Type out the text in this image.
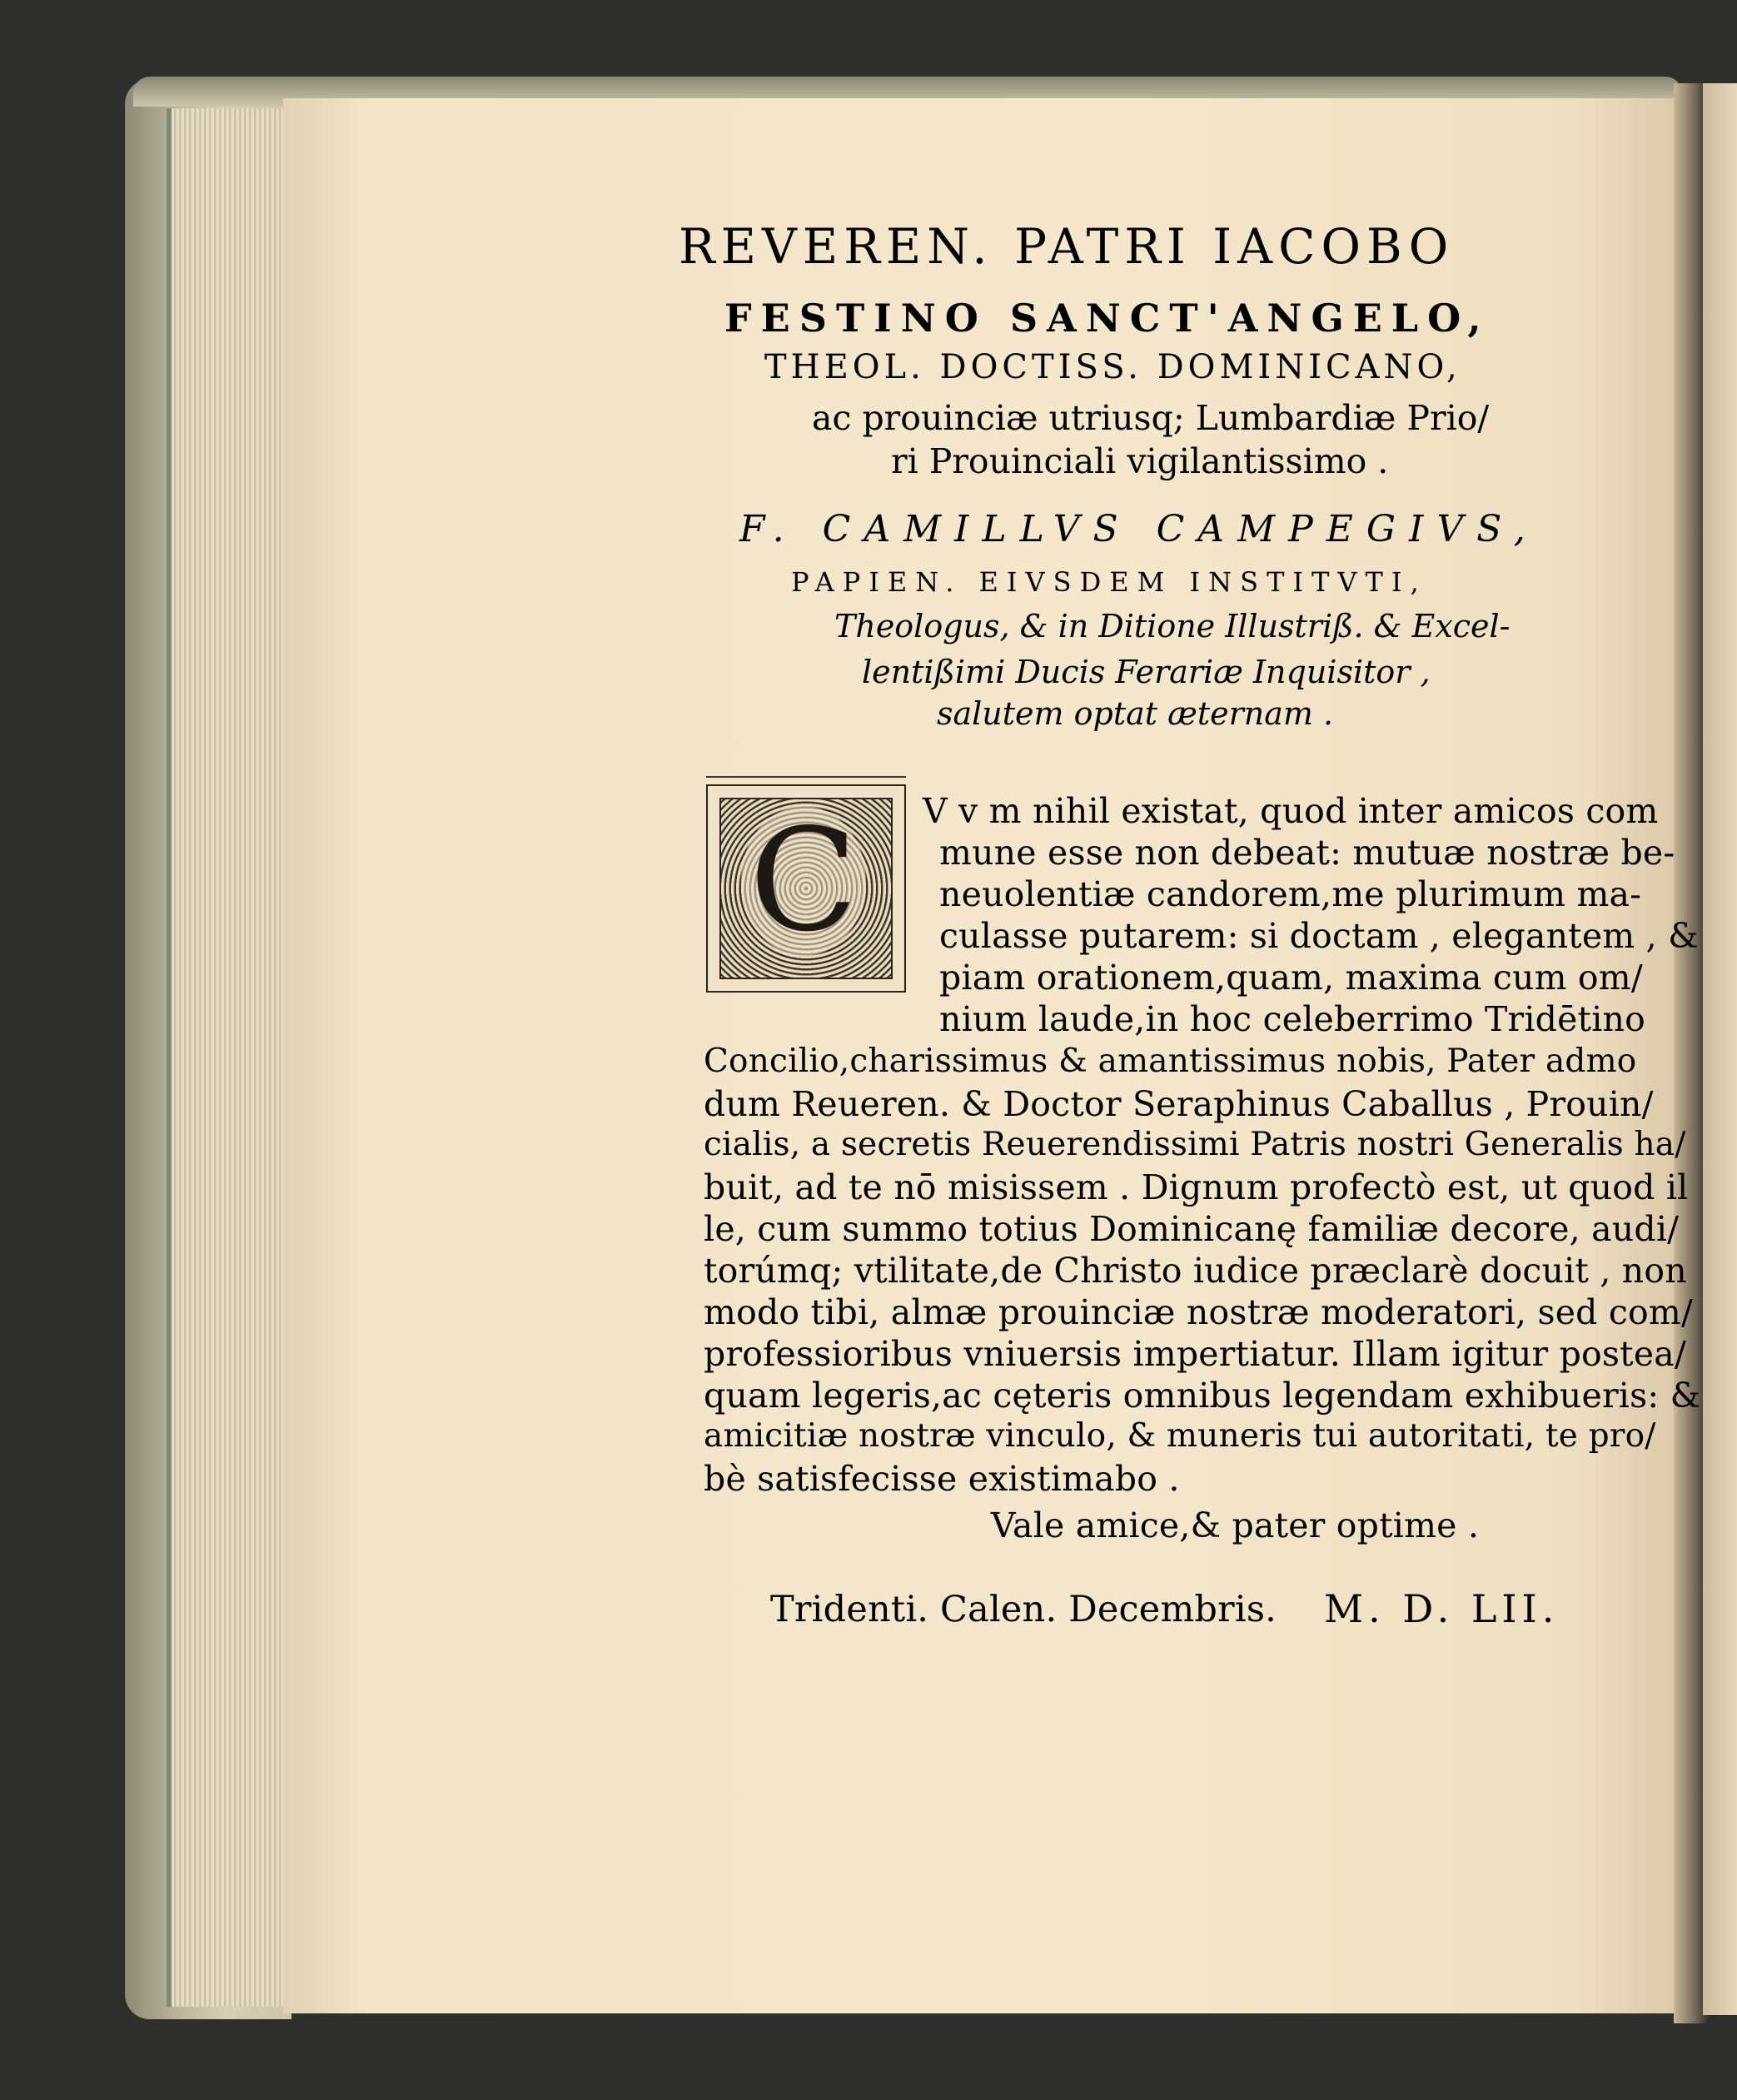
REVEREN. PATRI IACOBO
FESTINO SANCT'ANGELO,
THEOL. DOCTISS. DOMINICANO,
ac prouinciæ utriusq; Lumbardiæ Prio/
ri Prouinciali vigilantissimo .
F. CAMILLVS CAMPEGIVS,
PAPIEN. EIVSDEM INSTITVTI,
Theologus, & in Ditione Illustriß. & Excel-
lentißimi Ducis Ferariæ Inquisitor ,
salutem optat æternam .
C V v m nihil existat, quod inter amicos com
mune esse non debeat: mutuæ nostræ be-
neuolentiæ candorem,me plurimum ma-
culasse putarem: si doctam , elegantem , &
piam orationem,quam, maxima cum om/
nium laude,in hoc celeberrimo Tridētino
Concilio,charissimus & amantissimus nobis, Pater admo
dum Reueren. & Doctor Seraphinus Caballus , Prouin/
cialis, a secretis Reuerendissimi Patris nostri Generalis ha/
buit, ad te nō misissem . Dignum profectò est, ut quod il
le, cum summo totius Dominicanę familiæ decore, audi/
torúmq; vtilitate,de Christo iudice præclarè docuit , non
modo tibi, almæ prouinciæ nostræ moderatori, sed com/
professioribus vniuersis impertiatur. Illam igitur postea/
quam legeris,ac cęteris omnibus legendam exhibueris: &
amicitiæ nostræ vinculo, & muneris tui autoritati, te pro/
bè satisfecisse existimabo .
Vale amice,& pater optime .
Tridenti. Calen. Decembris. M. D. LII.
